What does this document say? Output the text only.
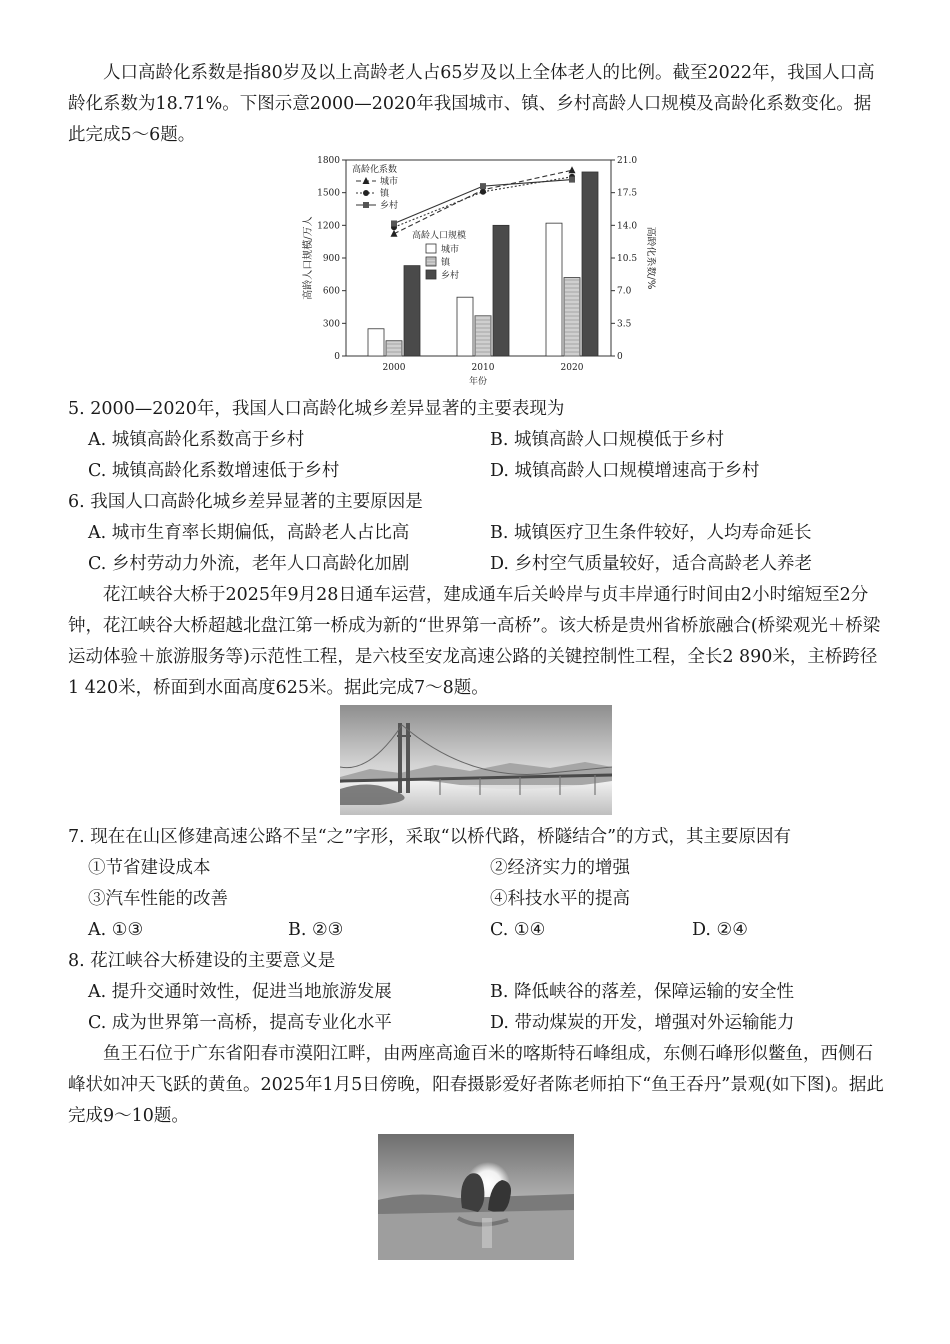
人口高龄化系数是指80岁及以上高龄老人占65岁及以上全体老人的比例。截至2022年，我国人口高龄化系数为18.71%。下图示意2000—2020年我国城市、镇、乡村高龄人口规模及高龄化系数变化。据此完成5～6题。
高龄人口规模/万人	高龄化系数/%
年份
0
300
600
900
1200
1500
1800
0
3.5
7.0
10.5
14.0
17.5
21.0
2000	2010	2020
高龄化系数
城市
镇
乡村
高龄人口规模
城市
镇
乡村
5. 2000—2020年，我国人口高龄化城乡差异显著的主要表现为
A. 城镇高龄化系数高于乡村	B. 城镇高龄人口规模低于乡村
C. 城镇高龄化系数增速低于乡村	D. 城镇高龄人口规模增速高于乡村
6. 我国人口高龄化城乡差异显著的主要原因是
A. 城市生育率长期偏低，高龄老人占比高	B. 城镇医疗卫生条件较好，人均寿命延长
C. 乡村劳动力外流，老年人口高龄化加剧	D. 乡村空气质量较好，适合高龄老人养老
花江峡谷大桥于2025年9月28日通车运营，建成通车后关岭岸与贞丰岸通行时间由2小时缩短至2分钟，花江峡谷大桥超越北盘江第一桥成为新的“世界第一高桥”。该大桥是贵州省桥旅融合(桥梁观光＋桥梁运动体验＋旅游服务等)示范性工程，是六枝至安龙高速公路的关键控制性工程，全长2 890米，主桥跨径1 420米，桥面到水面高度625米。据此完成7～8题。
7. 现在在山区修建高速公路不呈“之”字形，采取“以桥代路，桥隧结合”的方式，其主要原因有
①节省建设成本	②经济实力的增强
③汽车性能的改善	④科技水平的提高
A. ①③	B. ②③	C. ①④	D. ②④
8. 花江峡谷大桥建设的主要意义是
A. 提升交通时效性，促进当地旅游发展	B. 降低峡谷的落差，保障运输的安全性
C. 成为世界第一高桥，提高专业化水平	D. 带动煤炭的开发，增强对外运输能力
鱼王石位于广东省阳春市漠阳江畔，由两座高逾百米的喀斯特石峰组成，东侧石峰形似鳖鱼，西侧石峰状如冲天飞跃的黄鱼。2025年1月5日傍晚，阳春摄影爱好者陈老师拍下“鱼王吞丹”景观(如下图)。据此完成9～10题。
